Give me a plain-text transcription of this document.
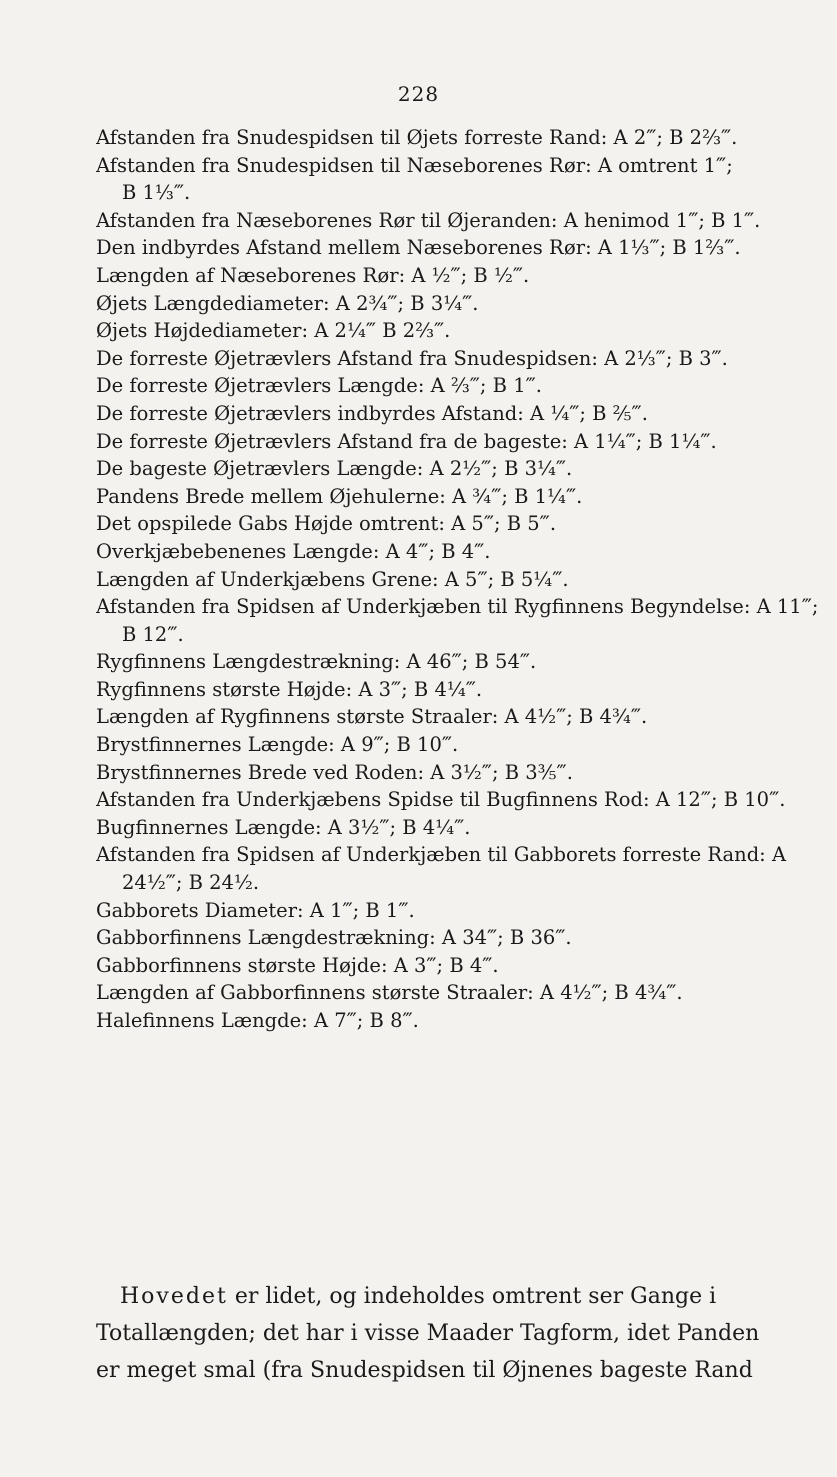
228
Afstanden fra Snudespidsen til Øjets forreste Rand: A 2‴; B 2⅔‴.
Afstanden fra Snudespidsen til Næseborenes Rør: A omtrent 1‴;
B 1⅓‴.
Afstanden fra Næseborenes Rør til Øjeranden: A henimod 1‴; B 1‴.
Den indbyrdes Afstand mellem Næseborenes Rør: A 1⅓‴; B 1⅔‴.
Længden af Næseborenes Rør: A ½‴; B ½‴.
Øjets Længdediameter: A 2¾‴; B 3¼‴.
Øjets Højdediameter: A 2¼‴ B 2⅔‴.
De forreste Øjetrævlers Afstand fra Snudespidsen: A 2⅓‴; B 3‴.
De forreste Øjetrævlers Længde: A ⅔‴; B 1‴.
De forreste Øjetrævlers indbyrdes Afstand: A ¼‴; B ⅖‴.
De forreste Øjetrævlers Afstand fra de bageste: A 1¼‴; B 1¼‴.
De bageste Øjetrævlers Længde: A 2½‴; B 3¼‴.
Pandens Brede mellem Øjehulerne: A ¾‴; B 1¼‴.
Det opspilede Gabs Højde omtrent: A 5‴; B 5‴.
Overkjæbebenenes Længde: A 4‴; B 4‴.
Længden af Underkjæbens Grene: A 5‴; B 5¼‴.
Afstanden fra Spidsen af Underkjæben til Rygfinnens Begyndelse: A 11‴;
B 12‴.
Rygfinnens Længdestrækning: A 46‴; B 54‴.
Rygfinnens største Højde: A 3‴; B 4¼‴.
Længden af Rygfinnens største Straaler: A 4½‴; B 4¾‴.
Brystfinnernes Længde: A 9‴; B 10‴.
Brystfinnernes Brede ved Roden: A 3½‴; B 3⅗‴.
Afstanden fra Underkjæbens Spidse til Bugfinnens Rod: A 12‴; B 10‴.
Bugfinnernes Længde: A 3½‴; B 4¼‴.
Afstanden fra Spidsen af Underkjæben til Gabborets forreste Rand: A
24½‴; B 24½.
Gabborets Diameter: A 1‴; B 1‴.
Gabborfinnens Længdestrækning: A 34‴; B 36‴.
Gabborfinnens største Højde: A 3‴; B 4‴.
Længden af Gabborfinnens største Straaler: A 4½‴; B 4¾‴.
Halefinnens Længde: A 7‴; B 8‴.
Hovedet er lidet, og indeholdes omtrent ser Gange i
Totallængden; det har i visse Maader Tagform, idet Panden
er meget smal (fra Snudespidsen til Øjnenes bageste Rand
